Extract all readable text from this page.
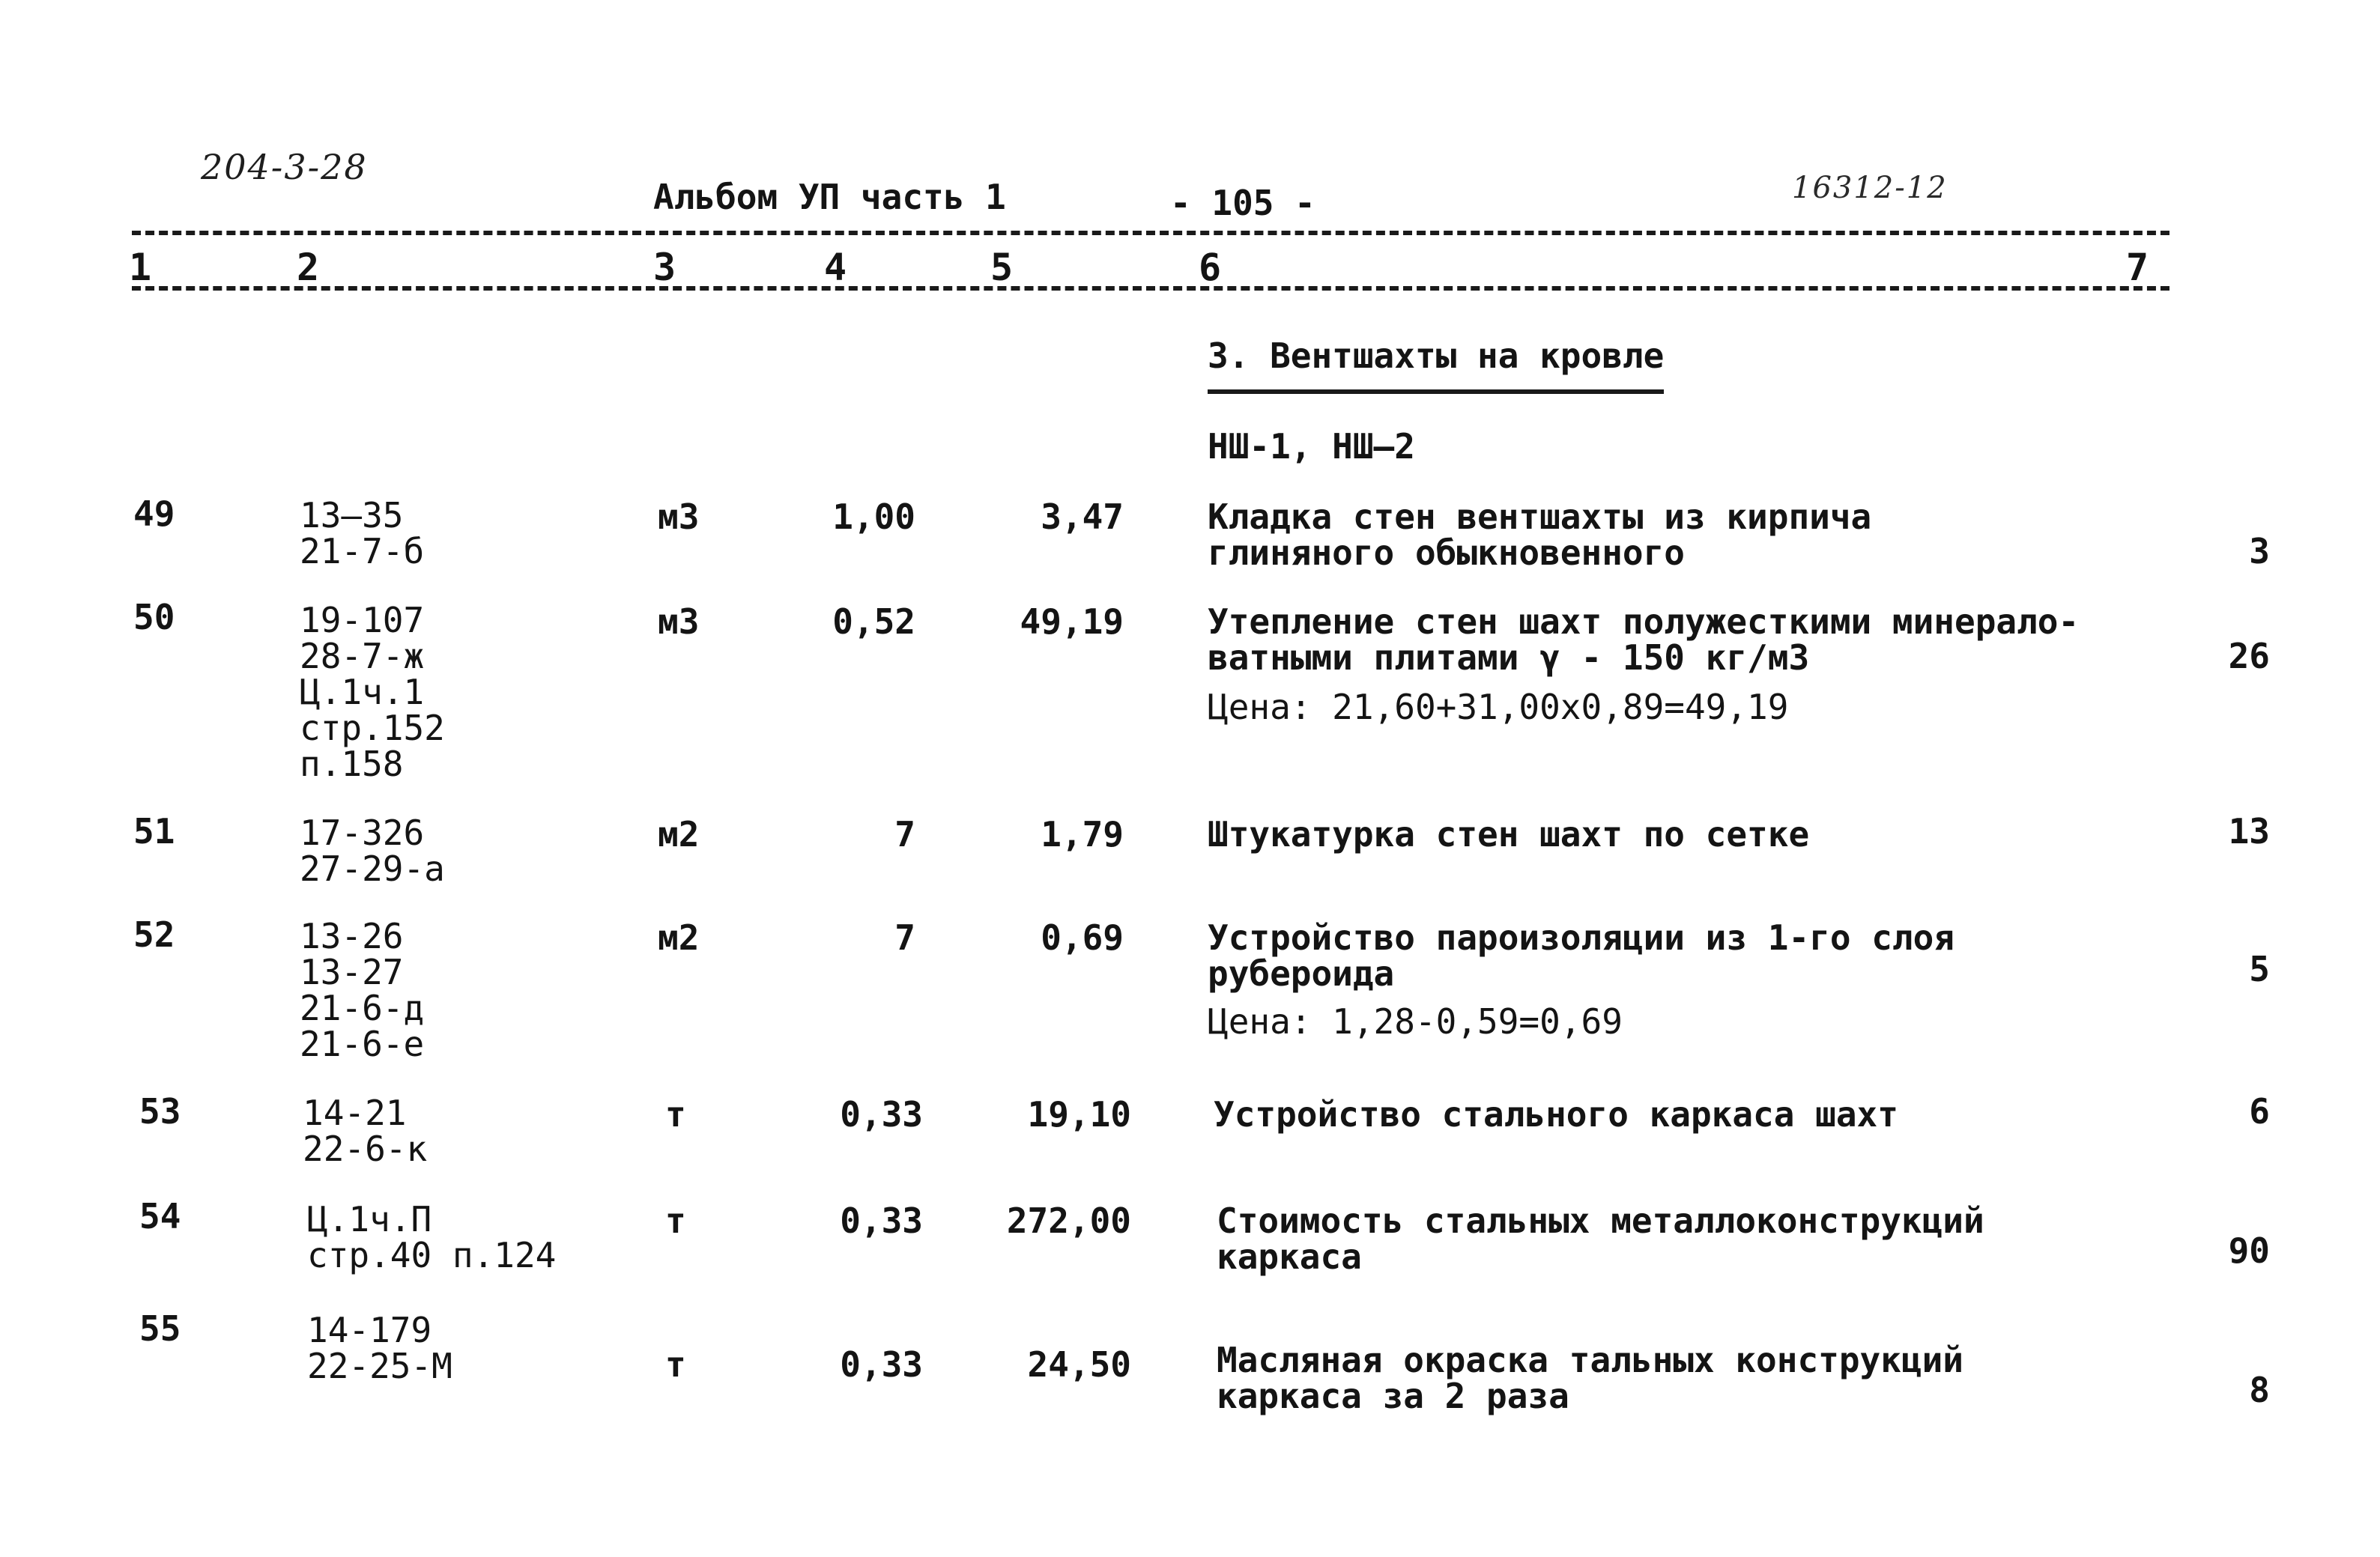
204-3-28
Альбом УП часть 1	- 105 -	16312-12
1	2	3	4	5	6	7
3. Вентшахты на кровле
НШ-1, НШ—2
49	13—35
21-7-б
м3	1,00	3,47 Кладка стен вентшахты из кирпича
глиняного обыкновенного	3
50	19-107
28-7-ж
Ц.1ч.1
стр.152
п.158
м3	0,52	49,19 Утепление стен шахт полужесткими минерало-
ватными плитами γ - 150 кг/м3
Цена: 21,60+31,00х0,89=49,19
26
51	17-326
27-29-а
м2	7	1,79 Штукатурка стен шахт по сетке	13
52	13-26
13-27
21-6-д
21-6-е
м2	7	0,69 Устройство пароизоляции из 1-го слоя
рубероида
Цена: 1,28-0,59=0,69
5
53	14-21
22-6-к
т	0,33	19,10 Устройство стального каркаса шахт	6
54	Ц.1ч.П
стр.40 п.124
т	0,33	272,00 Стоимость стальных металлоконструкций
каркаса	90
55	14-179
22-25-М	т	0,33	24,50 Масляная окраска тальных конструкций
каркаса за 2 раза	8
